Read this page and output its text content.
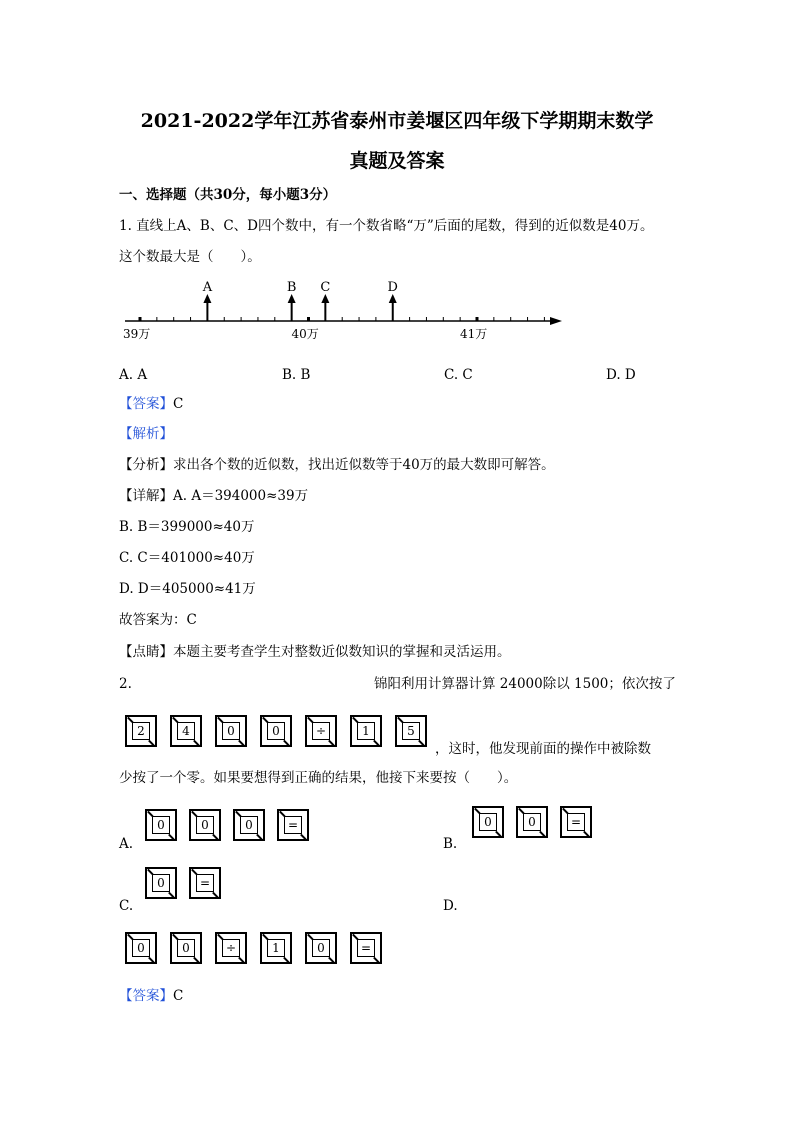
2021-2022学年江苏省泰州市姜堰区四年级下学期期末数学
真题及答案
一、选择题（共30分，每小题3分）
1. 直线上A、B、C、D四个数中，有一个数省略“万”后面的尾数，得到的近似数是40万。
这个数最大是（　　）。
39万	40万	41万
A	B C	D
A. A	B. B	C. C	D. D
【答案】C
【解析】
【分析】求出各个数的近似数，找出近似数等于40万的最大数即可解答。
【详解】A. A＝394000≈39万
B. B＝399000≈40万
C. C＝401000≈40万
D. D＝405000≈41万
故答案为：C
【点睛】本题主要考查学生对整数近似数知识的掌握和灵活运用。
2.	锦阳利用计算器计算 24000除以 1500；依次按了
2	4	0	0	÷	1	5
，这时，他发现前面的操作中被除数
少按了一个零。如果要想得到正确的结果，他接下来要按（　　）。
A.
0	0	0	=
B.
0	0	=
0	=
C.	D.
0	0	÷	1	0	=
【答案】C
